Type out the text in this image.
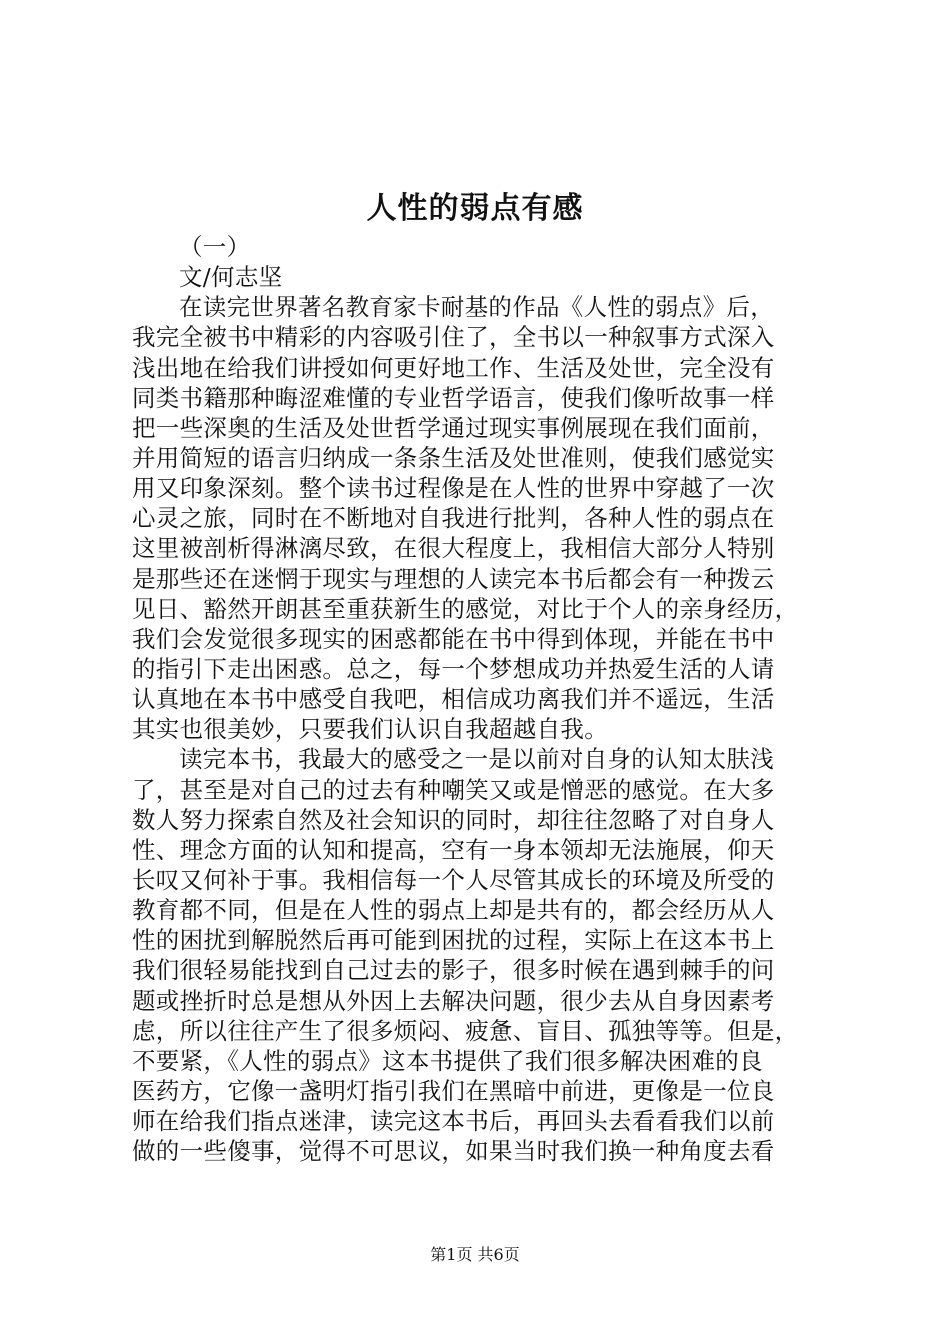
人性的弱点有感
（一）
文/何志坚
在读完世界著名教育家卡耐基的作品《人性的弱点》后，
我完全被书中精彩的内容吸引住了，全书以一种叙事方式深入
浅出地在给我们讲授如何更好地工作、生活及处世，完全没有
同类书籍那种晦涩难懂的专业哲学语言，使我们像听故事一样
把一些深奥的生活及处世哲学通过现实事例展现在我们面前，
并用简短的语言归纳成一条条生活及处世准则，使我们感觉实
用又印象深刻。整个读书过程像是在人性的世界中穿越了一次
心灵之旅，同时在不断地对自我进行批判，各种人性的弱点在
这里被剖析得淋漓尽致，在很大程度上，我相信大部分人特别
是那些还在迷惘于现实与理想的人读完本书后都会有一种拨云
见日、豁然开朗甚至重获新生的感觉，对比于个人的亲身经历，
我们会发觉很多现实的困惑都能在书中得到体现，并能在书中
的指引下走出困惑。总之，每一个梦想成功并热爱生活的人请
认真地在本书中感受自我吧，相信成功离我们并不遥远，生活
其实也很美妙，只要我们认识自我超越自我。
读完本书，我最大的感受之一是以前对自身的认知太肤浅
了，甚至是对自己的过去有种嘲笑又或是憎恶的感觉。在大多
数人努力探索自然及社会知识的同时，却往往忽略了对自身人
性、理念方面的认知和提高，空有一身本领却无法施展，仰天
长叹又何补于事。我相信每一个人尽管其成长的环境及所受的
教育都不同，但是在人性的弱点上却是共有的，都会经历从人
性的困扰到解脱然后再可能到困扰的过程，实际上在这本书上
我们很轻易能找到自己过去的影子，很多时候在遇到棘手的问
题或挫折时总是想从外因上去解决问题，很少去从自身因素考
虑，所以往往产生了很多烦闷、疲惫、盲目、孤独等等。但是，
不要紧，《人性的弱点》这本书提供了我们很多解决困难的良
医药方，它像一盏明灯指引我们在黑暗中前进，更像是一位良
师在给我们指点迷津，读完这本书后，再回头去看看我们以前
做的一些傻事，觉得不可思议，如果当时我们换一种角度去看
第1页 共6页
